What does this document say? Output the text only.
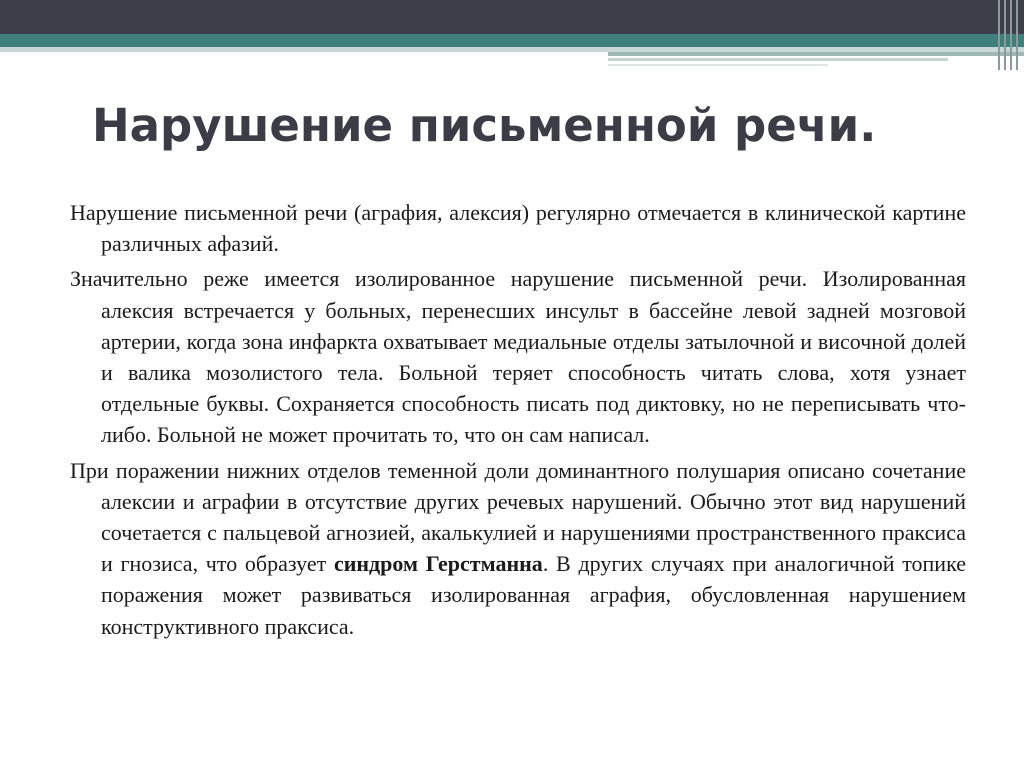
Нарушение письменной речи.

Нарушение письменной речи (аграфия, алексия) регулярно отмечается в клинической картине различных афазий.

Значительно реже имеется изолированное нарушение письменной речи. Изолированная алексия встречается у больных, перенесших инсульт в бассейне левой задней мозговой артерии, когда зона инфаркта охватывает медиальные отделы затылочной и височной долей и валика мозолистого тела. Больной теряет способность читать слова, хотя узнает отдельные буквы. Сохраняется способность писать под диктовку, но не переписывать что-либо. Больной не может прочитать то, что он сам написал.

При поражении нижних отделов теменной доли доминантного полушария описано сочетание алексии и аграфии в отсутствие других речевых нарушений. Обычно этот вид нарушений сочетается с пальцевой агнозией, акалькулией и нарушениями пространственного праксиса и гнозиса, что образует синдром Герстманна. В других случаях при аналогичной топике поражения может развиваться изолированная аграфия, обусловленная нарушением конструктивного праксиса.
